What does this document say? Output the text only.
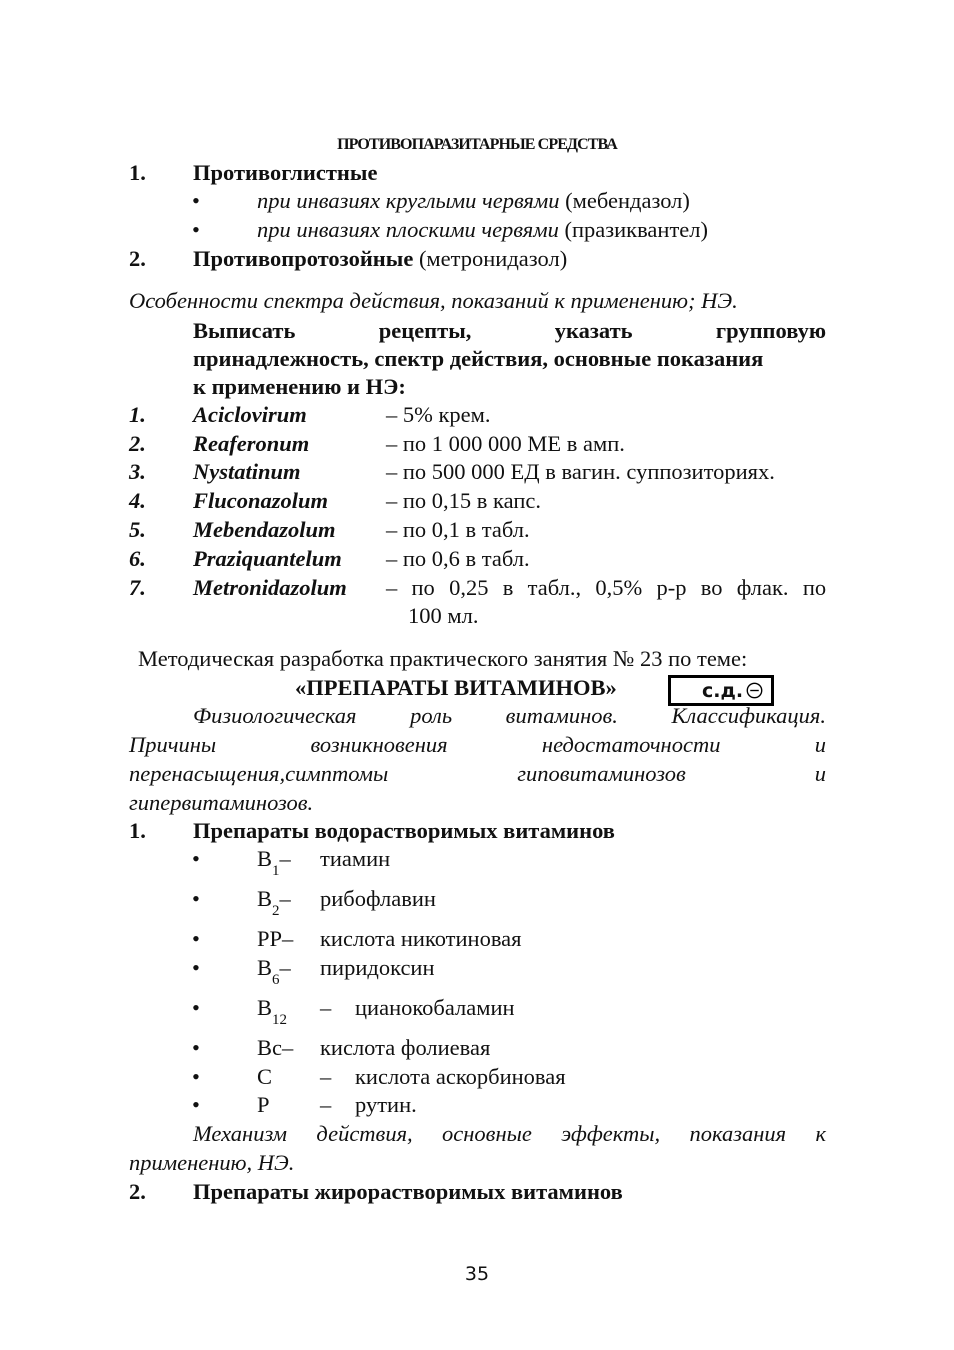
ПРОТИВОПАРАЗИТАРНЫЕ СРЕДСТВА
1. Противоглистные
•	при инвазиях круглыми червями (мебендазол)
•	при инвазиях плоскими червями (празиквантел)
2. Противопротозойные (метронидазол)
Особенности спектра действия, показаний к применению; НЭ.
Выписать	рецепты,	указать	групповую
принадлежность, спектр действия, основные показания
к применению и НЭ:
1. Aciclovirum	– 5% крем.
2. Reaferonum	– по 1 000 000 МЕ в амп.
3. Nystatinum	– по 500 000 ЕД в вагин. суппозиториях.
4. Fluconazolum	– по 0,15 в капс.
5. Mebendazolum – по 0,1 в табл.
6. Praziquantelum – по 0,6 в табл.
7. Metronidazolum – по 0,25 в табл., 0,5% р-р во флак. по
100 мл.
Методическая разработка практического занятия № 23 по теме:
«ПРЕПАРАТЫ ВИТАМИНОВ»	с.д.
Физиологическая роль витаминов. Классификация.
Причины	возникновения	недостаточности	и
перенасыщения,симптомы	гиповитаминозов	и
гипервитаминозов.
1. Препараты водорастворимых витаминов
•	$B_1-$ тиамин
•	$B_2-$ рибофлавин
•	PP– кислота никотиновая
•	$B_6-$ пиридоксин
•	$B_{12}$ – цианокобаламин
•	Bc– кислота фолиевая
•	C – кислота аскорбиновая
•	P – рутин.
Механизм действия, основные эффекты, показания к
применению, НЭ.
2. Препараты жирорастворимых витаминов
35
